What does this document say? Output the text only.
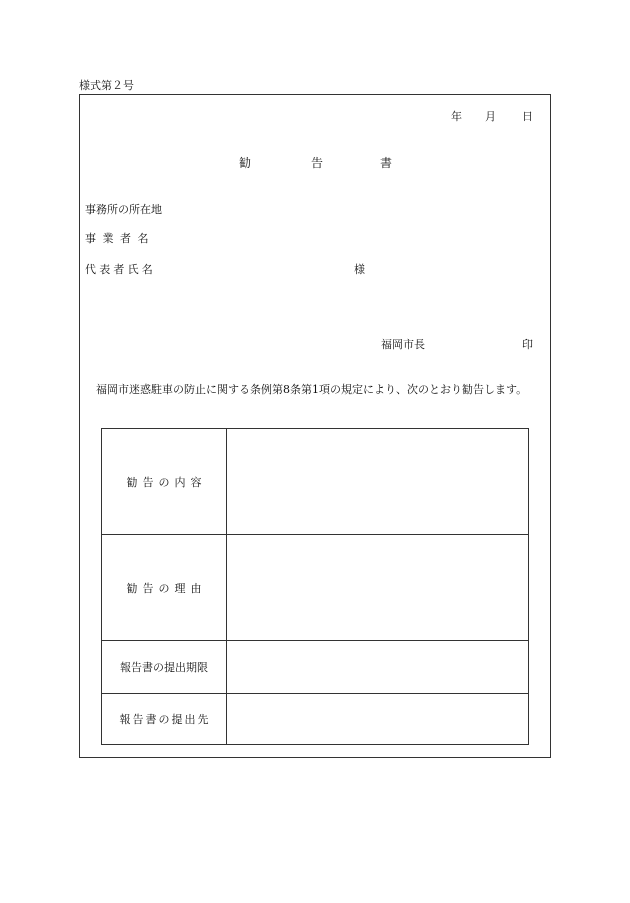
様式第２号
年 月 日
勧	告	書
事務所の所在地
事業者名
代表者氏名	様
福岡市長	印
福岡市迷惑駐車の防止に関する条例第8条第1項の規定により、次のとおり勧告します。
勧告の内容	
勧告の理由	
報告書の提出期限	
報告書の提出先	
